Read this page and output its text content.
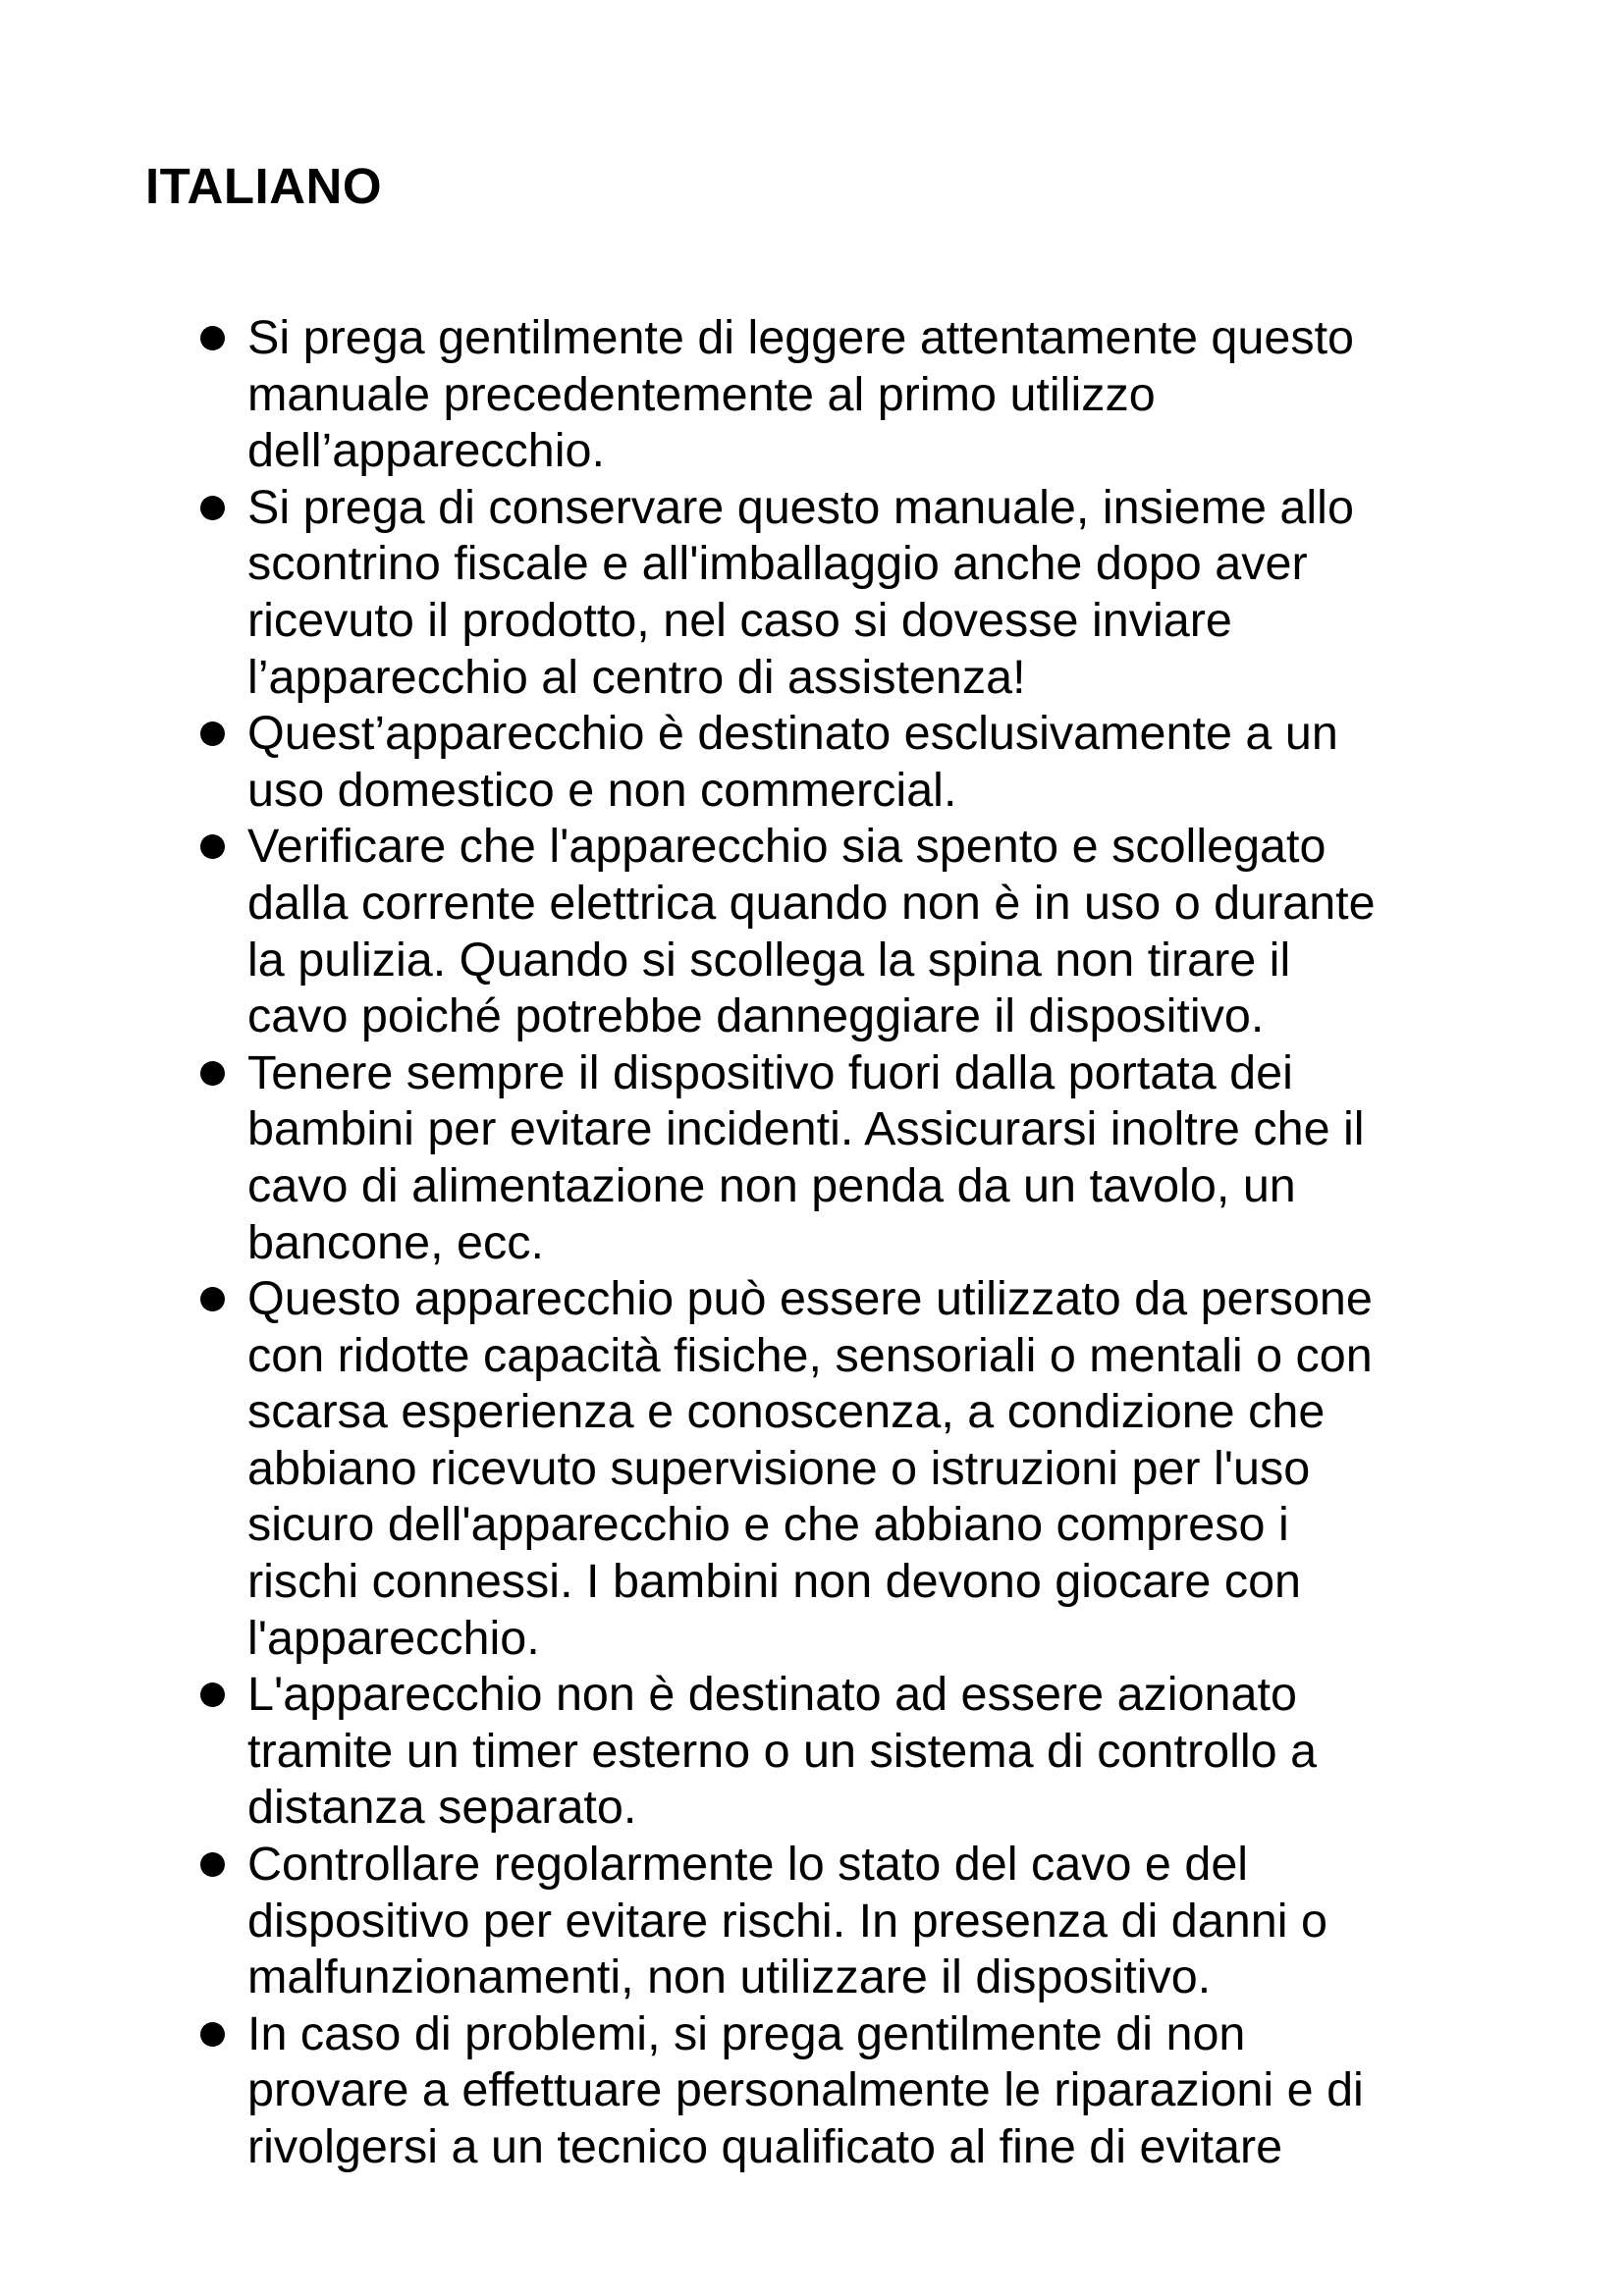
ITALIANO
Si prega gentilmente di leggere attentamente questo
manuale precedentemente al primo utilizzo
dell’apparecchio.
Si prega di conservare questo manuale, insieme allo
scontrino fiscale e all'imballaggio anche dopo aver
ricevuto il prodotto, nel caso si dovesse inviare
l’apparecchio al centro di assistenza!
Quest’apparecchio è destinato esclusivamente a un
uso domestico e non commercial.
Verificare che l'apparecchio sia spento e scollegato
dalla corrente elettrica quando non è in uso o durante
la pulizia. Quando si scollega la spina non tirare il
cavo poiché potrebbe danneggiare il dispositivo.
Tenere sempre il dispositivo fuori dalla portata dei
bambini per evitare incidenti. Assicurarsi inoltre che il
cavo di alimentazione non penda da un tavolo, un
bancone, ecc.
Questo apparecchio può essere utilizzato da persone
con ridotte capacità fisiche, sensoriali o mentali o con
scarsa esperienza e conoscenza, a condizione che
abbiano ricevuto supervisione o istruzioni per l'uso
sicuro dell'apparecchio e che abbiano compreso i
rischi connessi. I bambini non devono giocare con
l'apparecchio.
L'apparecchio non è destinato ad essere azionato
tramite un timer esterno o un sistema di controllo a
distanza separato.
Controllare regolarmente lo stato del cavo e del
dispositivo per evitare rischi. In presenza di danni o
malfunzionamenti, non utilizzare il dispositivo.
In caso di problemi, si prega gentilmente di non
provare a effettuare personalmente le riparazioni e di
rivolgersi a un tecnico qualificato al fine di evitare
